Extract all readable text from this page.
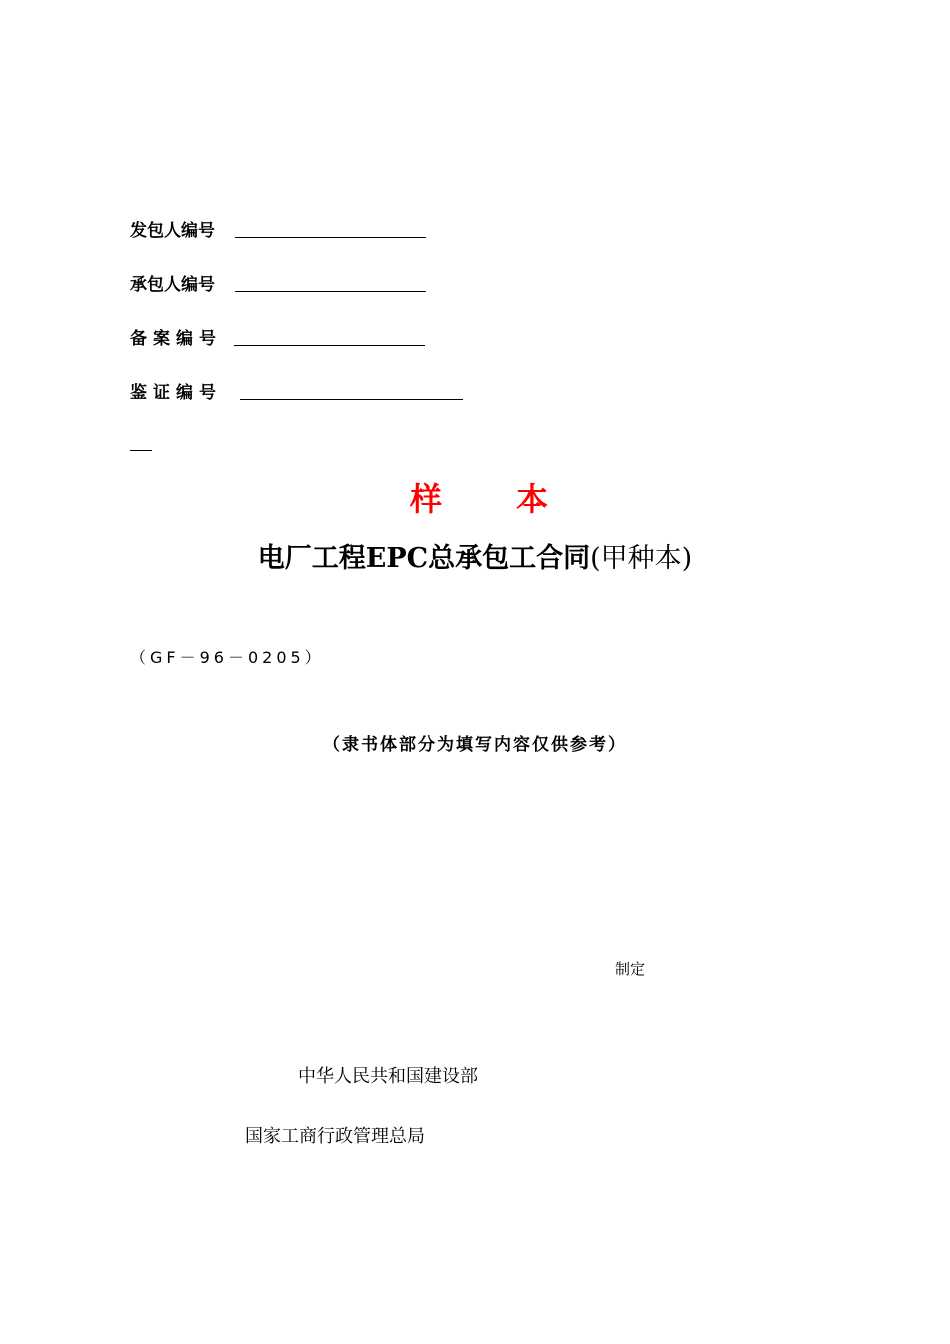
发包人编号
承包人编号
备案编号
鉴证编号
样 本
电厂工程EPC总承包工合同(甲种本)
（GF－96－0205）
（隶书体部分为填写内容仅供参考）
制定
中华人民共和国建设部
国家工商行政管理总局
